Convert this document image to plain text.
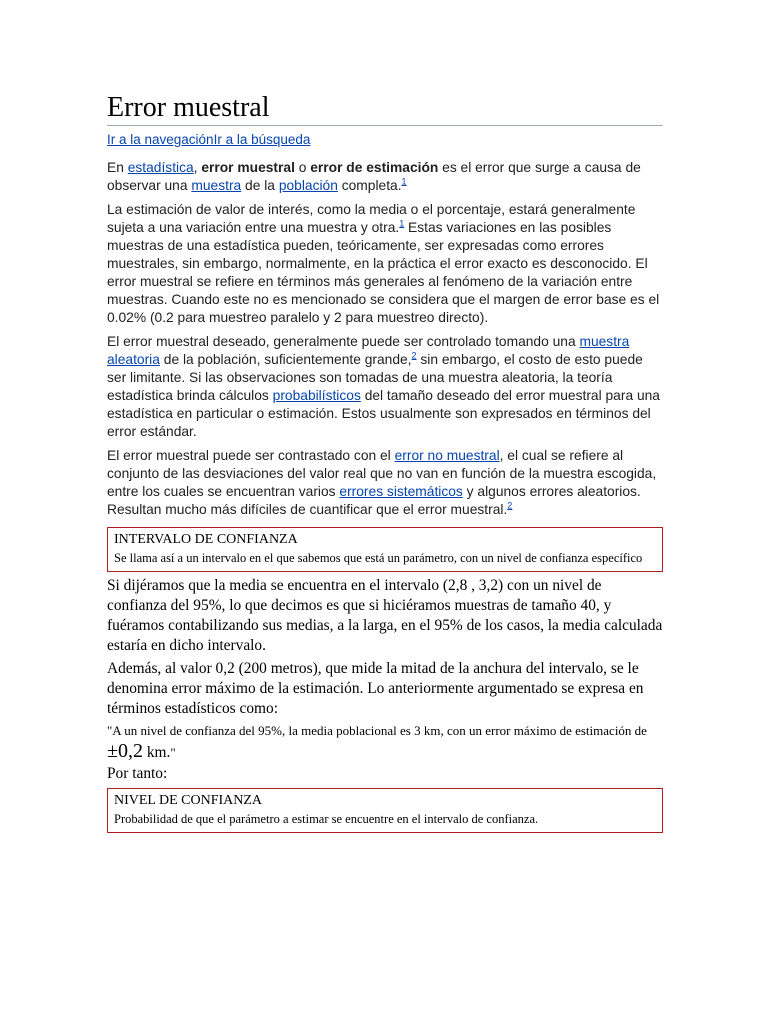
Error muestral
Ir a la navegaciónIr a la búsqueda

En estadística, error muestral o error de estimación es el error que surge a causa de observar una muestra de la población completa.$^1$

La estimación de valor de interés, como la media o el porcentaje, estará generalmente sujeta a una variación entre una muestra y otra.$^1$ Estas variaciones en las posibles muestras de una estadística pueden, teóricamente, ser expresadas como errores muestrales, sin embargo, normalmente, en la práctica el error exacto es desconocido. El error muestral se refiere en términos más generales al fenómeno de la variación entre muestras. Cuando este no es mencionado se considera que el margen de error base es el 0.02% (0.2 para muestreo paralelo y 2 para muestreo directo).

El error muestral deseado, generalmente puede ser controlado tomando una muestra aleatoria de la población, suficientemente grande,$^2$ sin embargo, el costo de esto puede ser limitante. Si las observaciones son tomadas de una muestra aleatoria, la teoría estadística brinda cálculos probabilísticos del tamaño deseado del error muestral para una estadística en particular o estimación. Estos usualmente son expresados en términos del error estándar.

El error muestral puede ser contrastado con el error no muestral, el cual se refiere al conjunto de las desviaciones del valor real que no van en función de la muestra escogida, entre los cuales se encuentran varios errores sistemáticos y algunos errores aleatorios. Resultan mucho más difíciles de cuantificar que el error muestral.$^2$

INTERVALO DE CONFIANZA
Se llama así a un intervalo en el que sabemos que está un parámetro, con un nivel de confianza específico

Si dijéramos que la media se encuentra en el intervalo (2,8 , 3,2) con un nivel de confianza del 95%, lo que decimos es que si hiciéramos muestras de tamaño 40, y fuéramos contabilizando sus medias, a la larga, en el 95% de los casos, la media calculada estaría en dicho intervalo.

Además, al valor 0,2 (200 metros), que mide la mitad de la anchura del intervalo, se le denomina error máximo de la estimación. Lo anteriormente argumentado se expresa en términos estadísticos como:

"A un nivel de confianza del 95%, la media poblacional es 3 km, con un error máximo de estimación de ±0,2 km."

Por tanto:

NIVEL DE CONFIANZA
Probabilidad de que el parámetro a estimar se encuentre en el intervalo de confianza.
